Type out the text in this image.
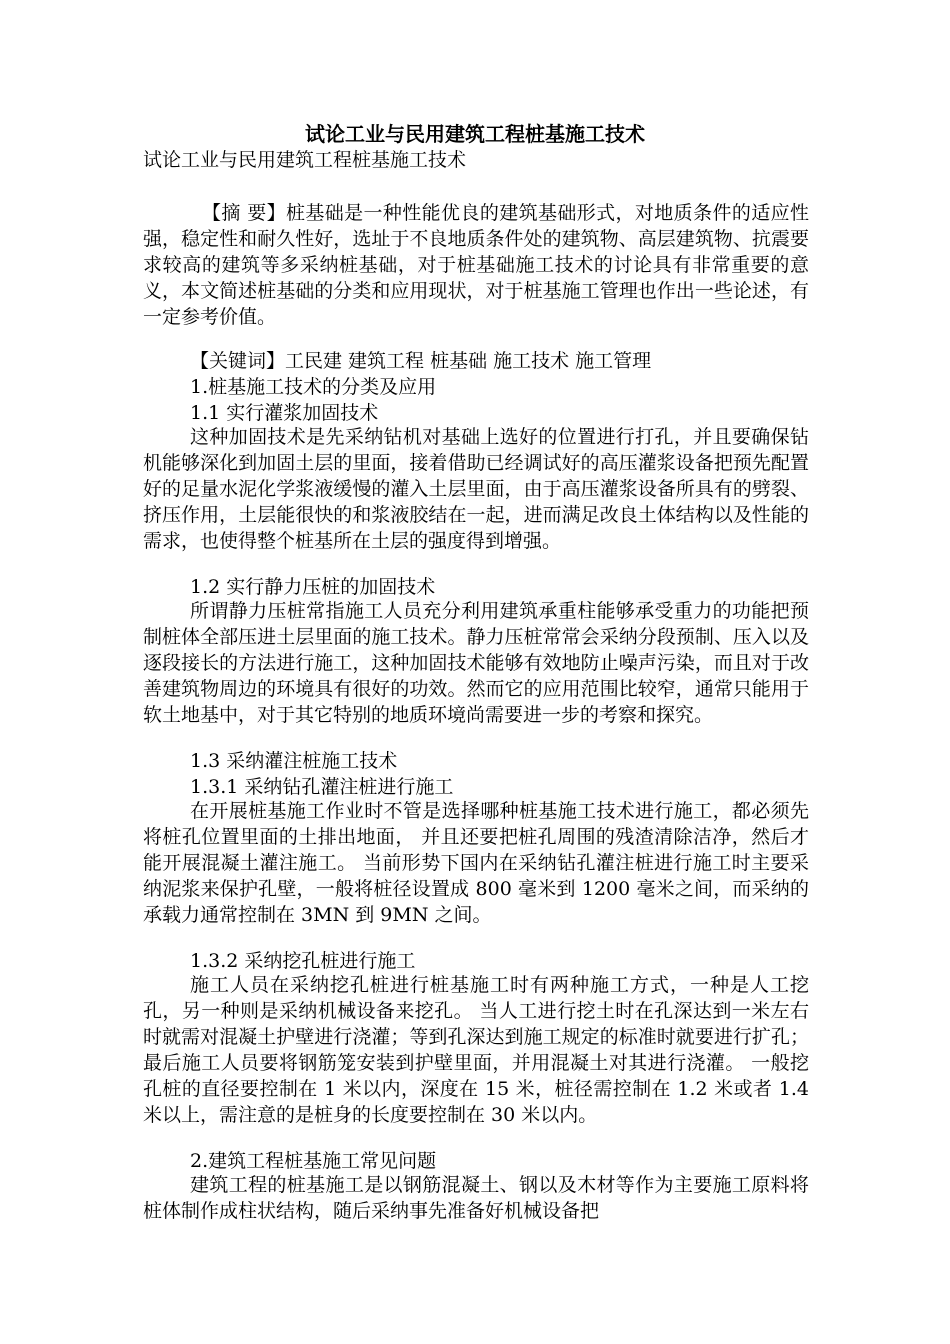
试论工业与民用建筑工程桩基施工技术
试论工业与民用建筑工程桩基施工技术

【摘 要】桩基础是一种性能优良的建筑基础形式，对地质条件的适应性强，稳定性和耐久性好，选址于不良地质条件处的建筑物、高层建筑物、抗震要求较高的建筑等多采纳桩基础，对于桩基础施工技术的讨论具有非常重要的意义，本文简述桩基础的分类和应用现状，对于桩基施工管理也作出一些论述，有一定参考价值。

【关键词】工民建 建筑工程 桩基础 施工技术 施工管理
1.桩基施工技术的分类及应用
1.1 实行灌浆加固技术

这种加固技术是先采纳钻机对基础上选好的位置进行打孔，并且要确保钻机能够深化到加固土层的里面，接着借助已经调试好的高压灌浆设备把预先配置好的足量水泥化学浆液缓慢的灌入土层里面，由于高压灌浆设备所具有的劈裂、挤压作用，土层能很快的和浆液胶结在一起，进而满足改良土体结构以及性能的需求，也使得整个桩基所在土层的强度得到增强。

1.2 实行静力压桩的加固技术

所谓静力压桩常指施工人员充分利用建筑承重柱能够承受重力的功能把预制桩体全部压进土层里面的施工技术。静力压桩常常会采纳分段预制、压入以及逐段接长的方法进行施工，这种加固技术能够有效地防止噪声污染，而且对于改善建筑物周边的环境具有很好的功效。然而它的应用范围比较窄，通常只能用于软土地基中，对于其它特别的地质环境尚需要进一步的考察和探究。

1.3 采纳灌注桩施工技术
1.3.1 采纳钻孔灌注桩进行施工

在开展桩基施工作业时不管是选择哪种桩基施工技术进行施工，都必须先将桩孔位置里面的土排出地面， 并且还要把桩孔周围的残渣清除洁净，然后才能开展混凝土灌注施工。 当前形势下国内在采纳钻孔灌注桩进行施工时主要采纳泥浆来保护孔壁，一般将桩径设置成 800 毫米到 1200 毫米之间，而采纳的承载力通常控制在 3MN 到 9MN 之间。

1.3.2 采纳挖孔桩进行施工

施工人员在采纳挖孔桩进行桩基施工时有两种施工方式，一种是人工挖孔，另一种则是采纳机械设备来挖孔。 当人工进行挖土时在孔深达到一米左右时就需对混凝土护壁进行浇灌；等到孔深达到施工规定的标准时就要进行扩孔； 最后施工人员要将钢筋笼安装到护壁里面，并用混凝土对其进行浇灌。 一般挖孔桩的直径要控制在 1 米以内，深度在 15 米，桩径需控制在 1.2 米或者 1.4 米以上，需注意的是桩身的长度要控制在 30 米以内。

2.建筑工程桩基施工常见问题

建筑工程的桩基施工是以钢筋混凝土、钢以及木材等作为主要施工原料将桩体制作成柱状结构，随后采纳事先准备好机械设备把
